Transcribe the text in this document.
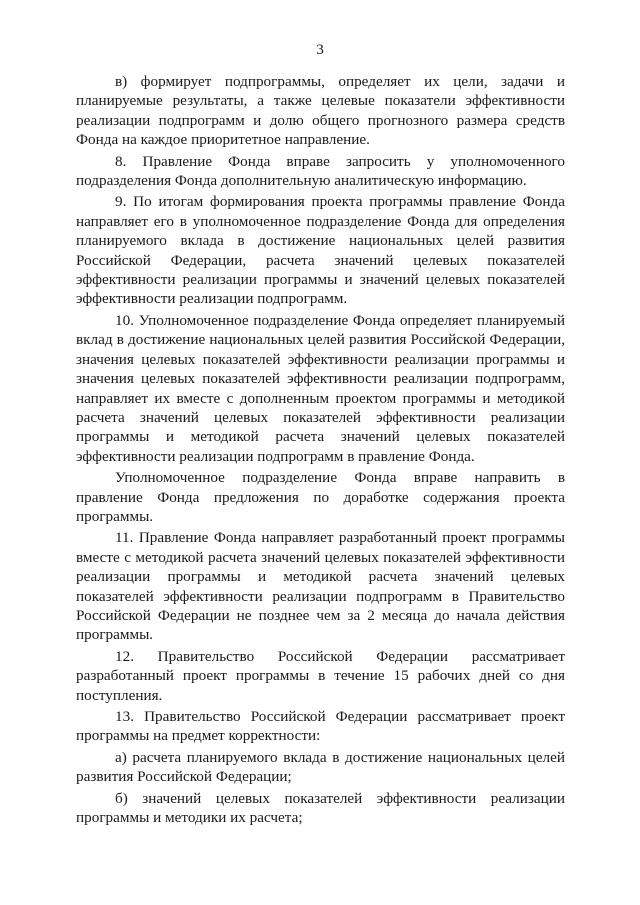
3

в) формирует подпрограммы, определяет их цели, задачи и планируемые результаты, а также целевые показатели эффективности реализации подпрограмм и долю общего прогнозного размера средств Фонда на каждое приоритетное направление.

8. Правление Фонда вправе запросить у уполномоченного подразделения Фонда дополнительную аналитическую информацию.

9. По итогам формирования проекта программы правление Фонда направляет его в уполномоченное подразделение Фонда для определения планируемого вклада в достижение национальных целей развития Российской Федерации, расчета значений целевых показателей эффективности реализации программы и значений целевых показателей эффективности реализации подпрограмм.

10. Уполномоченное подразделение Фонда определяет планируемый вклад в достижение национальных целей развития Российской Федерации, значения целевых показателей эффективности реализации программы и значения целевых показателей эффективности реализации подпрограмм, направляет их вместе с дополненным проектом программы и методикой расчета значений целевых показателей эффективности реализации программы и методикой расчета значений целевых показателей эффективности реализации подпрограмм в правление Фонда.

Уполномоченное подразделение Фонда вправе направить в правление Фонда предложения по доработке содержания проекта программы.

11. Правление Фонда направляет разработанный проект программы вместе с методикой расчета значений целевых показателей эффективности реализации программы и методикой расчета значений целевых показателей эффективности реализации подпрограмм в Правительство Российской Федерации не позднее чем за 2 месяца до начала действия программы.

12. Правительство Российской Федерации рассматривает разработанный проект программы в течение 15 рабочих дней со дня поступления.

13. Правительство Российской Федерации рассматривает проект программы на предмет корректности:

а) расчета планируемого вклада в достижение национальных целей развития Российской Федерации;

б) значений целевых показателей эффективности реализации программы и методики их расчета;
